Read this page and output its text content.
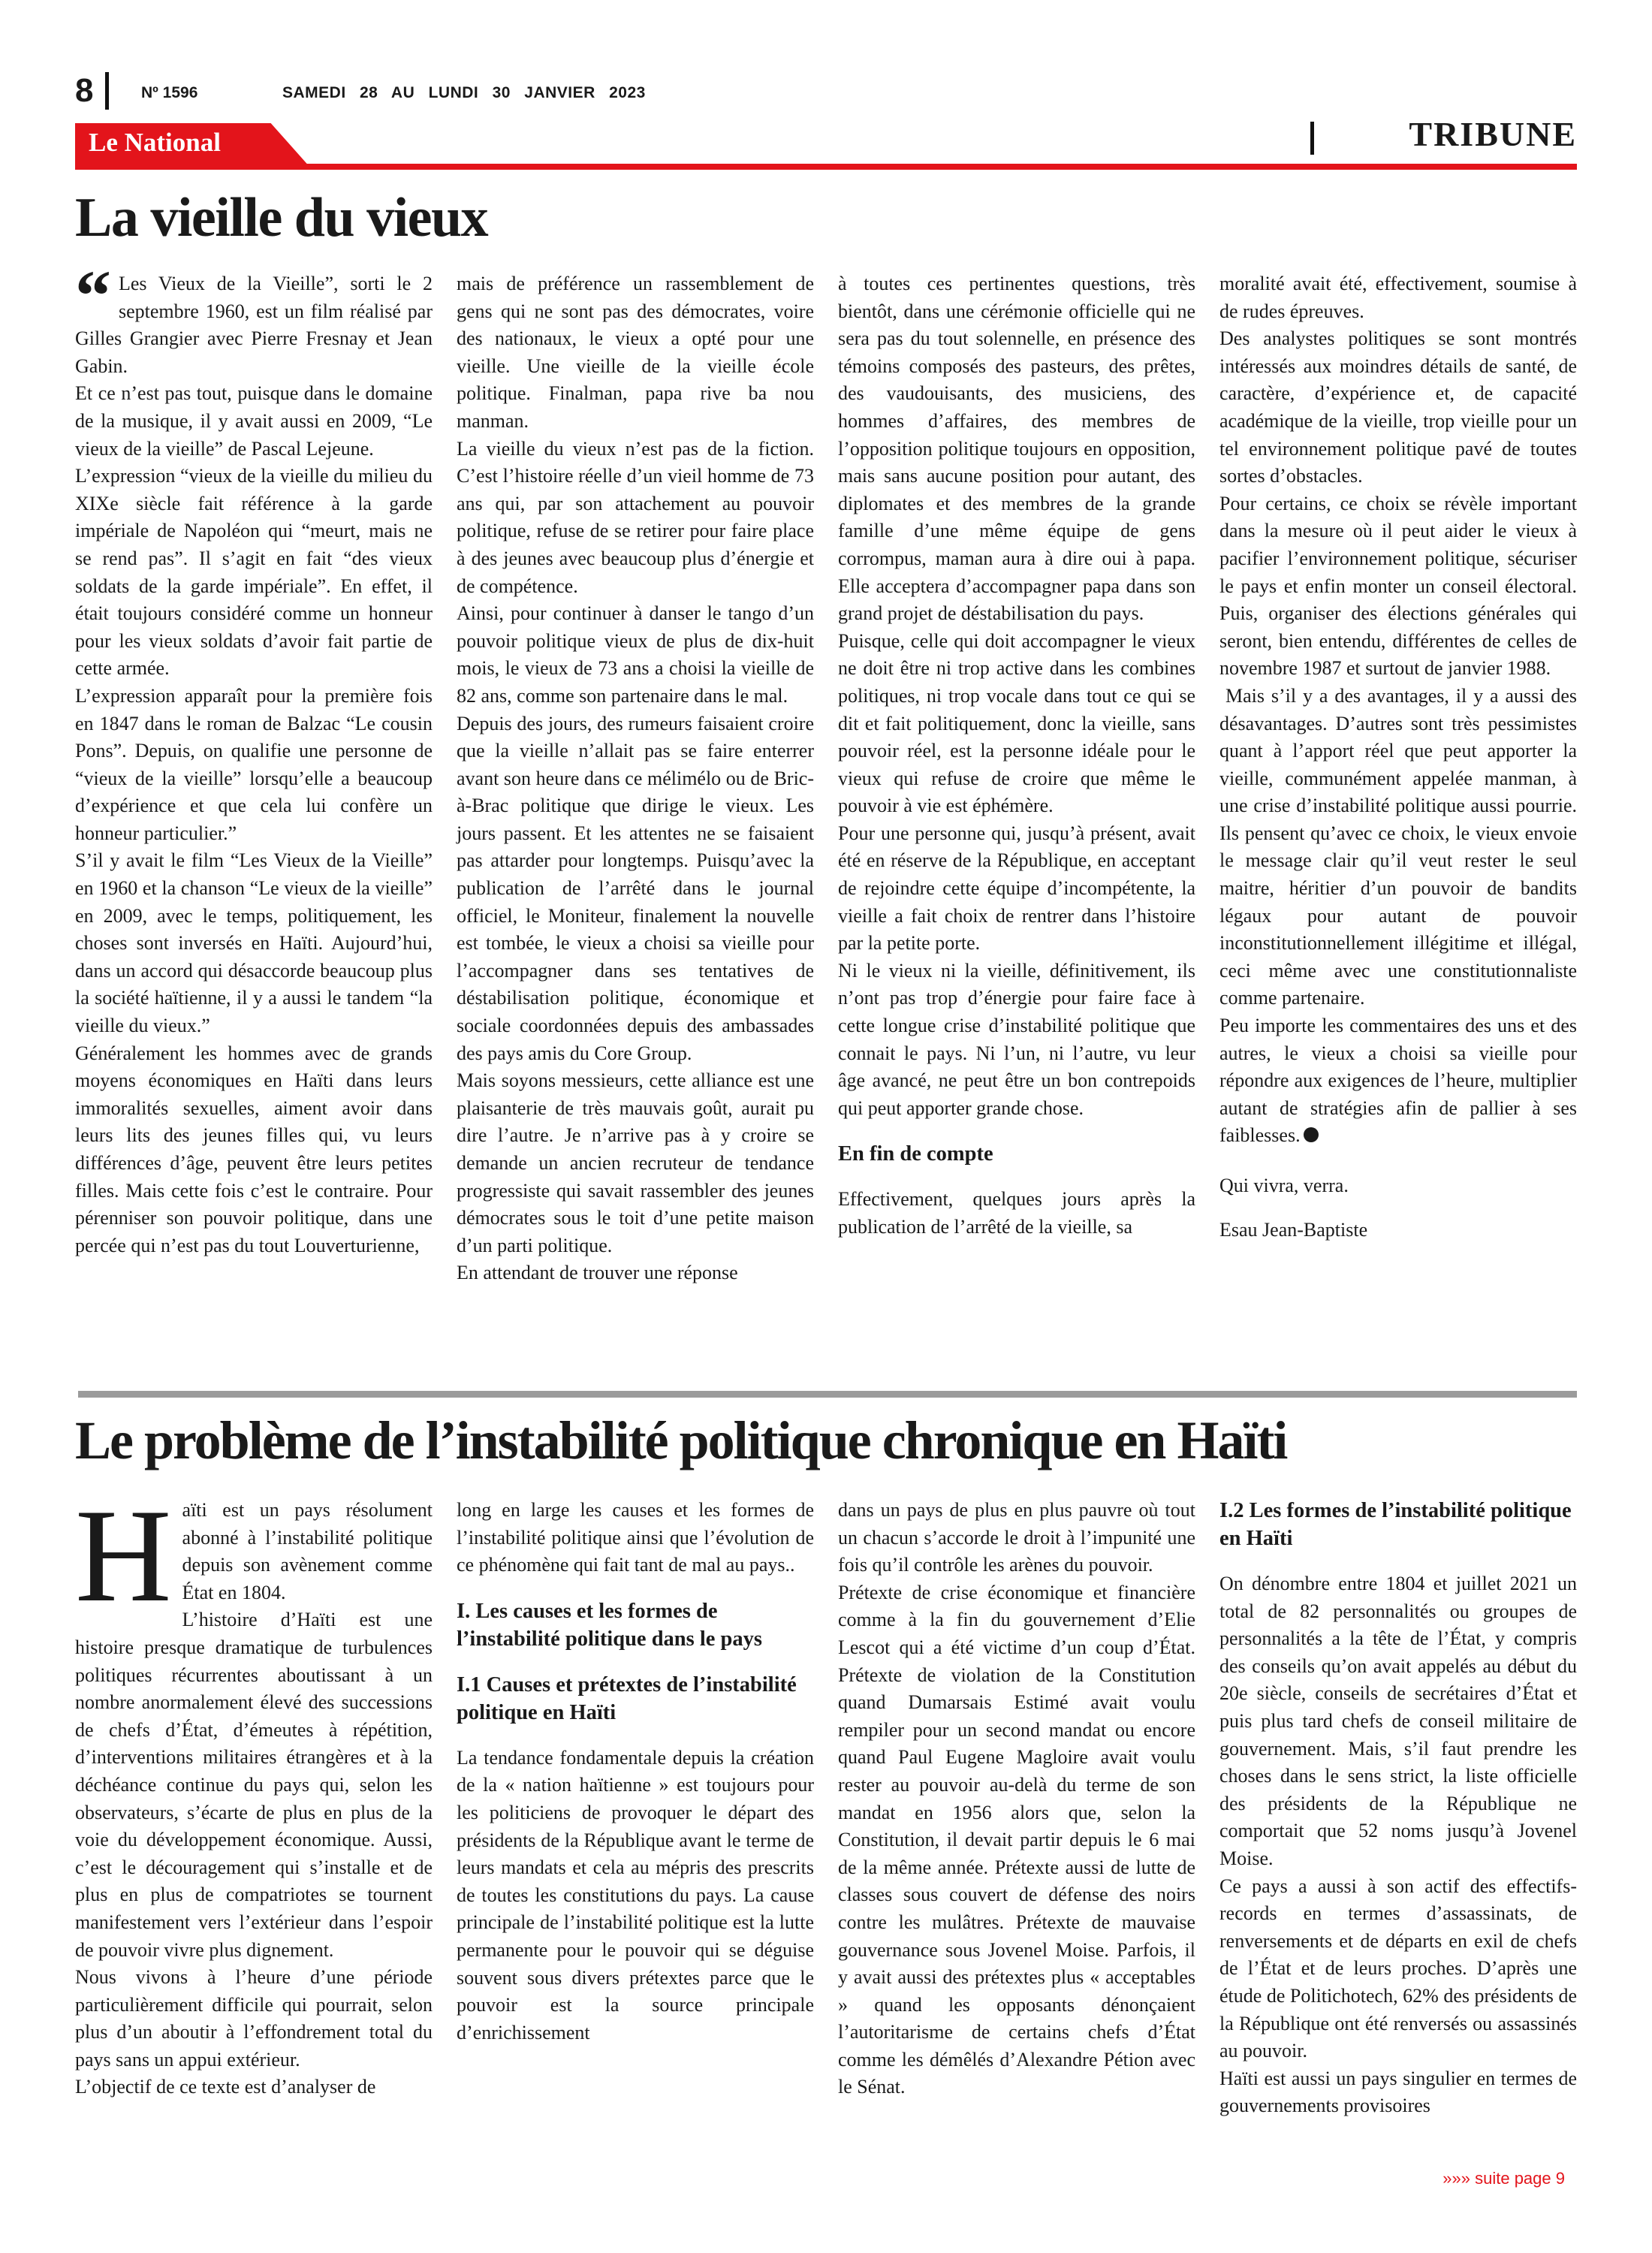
8	Nº 1596	SAMEDI 28 AU LUNDI 30 JANVIER 2023
Le National	TRIBUNE
La vieille du vieux
“ Les Vieux de la Vieille”, sorti le 2 septembre 1960, est un film réalisé par Gilles Grangier avec Pierre Fresnay et Jean Gabin.

Et ce n’est pas tout, puisque dans le domaine de la musique, il y avait aussi en 2009, “Le vieux de la vieille” de Pascal Lejeune.

L’expression “vieux de la vieille du milieu du XIXe siècle fait référence à la garde impériale de Napoléon qui “meurt, mais ne se rend pas”. Il s’agit en fait “des vieux soldats de la garde impériale”. En effet, il était toujours considéré comme un honneur pour les vieux soldats d’avoir fait partie de cette armée.

L’expression apparaît pour la première fois en 1847 dans le roman de Balzac “Le cousin Pons”. Depuis, on qualifie une personne de “vieux de la vieille” lorsqu’elle a beaucoup d’expérience et que cela lui confère un honneur particulier.”

S’il y avait le film “Les Vieux de la Vieille” en 1960 et la chanson “Le vieux de la vieille” en 2009, avec le temps, politiquement, les choses sont inversés en Haïti. Aujourd’hui, dans un accord qui désaccorde beaucoup plus la société haïtienne, il y a aussi le tandem “la vieille du vieux.”

Généralement les hommes avec de grands moyens économiques en Haïti dans leurs immoralités sexuelles, aiment avoir dans leurs lits des jeunes filles qui, vu leurs différences d’âge, peuvent être leurs petites filles. Mais cette fois c’est le contraire. Pour pérenniser son pouvoir politique, dans une percée qui n’est pas du tout Louverturienne,

mais de préférence un rassemblement de gens qui ne sont pas des démocrates, voire des nationaux, le vieux a opté pour une vieille. Une vieille de la vieille école politique. Finalman, papa rive ba nou manman.

La vieille du vieux n’est pas de la fiction. C’est l’histoire réelle d’un vieil homme de 73 ans qui, par son attachement au pouvoir politique, refuse de se retirer pour faire place à des jeunes avec beaucoup plus d’énergie et de compétence.

Ainsi, pour continuer à danser le tango d’un pouvoir politique vieux de plus de dix-huit mois, le vieux de 73 ans a choisi la vieille de 82 ans, comme son partenaire dans le mal.

Depuis des jours, des rumeurs faisaient croire que la vieille n’allait pas se faire enterrer avant son heure dans ce mélimélo ou de Bric-à-Brac politique que dirige le vieux. Les jours passent. Et les attentes ne se faisaient pas attarder pour longtemps. Puisqu’avec la publication de l’arrêté dans le journal officiel, le Moniteur, finalement la nouvelle est tombée, le vieux a choisi sa vieille pour l’accompagner dans ses tentatives de déstabilisation politique, économique et sociale coordonnées depuis des ambassades des pays amis du Core Group.

Mais soyons messieurs, cette alliance est une plaisanterie de très mauvais goût, aurait pu dire l’autre. Je n’arrive pas à y croire se demande un ancien recruteur de tendance progressiste qui savait rassembler des jeunes démocrates sous le toit d’une petite maison d’un parti politique.

En attendant de trouver une réponse

à toutes ces pertinentes questions, très bientôt, dans une cérémonie officielle qui ne sera pas du tout solennelle, en présence des témoins composés des pasteurs, des prêtes, des vaudouisants, des musiciens, des hommes d’affaires, des membres de l’opposition politique toujours en opposition, mais sans aucune position pour autant, des diplomates et des membres de la grande famille d’une même équipe de gens corrompus, maman aura à dire oui à papa. Elle acceptera d’accompagner papa dans son grand projet de déstabilisation du pays.

Puisque, celle qui doit accompagner le vieux ne doit être ni trop active dans les combines politiques, ni trop vocale dans tout ce qui se dit et fait politiquement, donc la vieille, sans pouvoir réel, est la personne idéale pour le vieux qui refuse de croire que même le pouvoir à vie est éphémère.

Pour une personne qui, jusqu’à présent, avait été en réserve de la République, en acceptant de rejoindre cette équipe d’incompétente, la vieille a fait choix de rentrer dans l’histoire par la petite porte.

Ni le vieux ni la vieille, définitivement, ils n’ont pas trop d’énergie pour faire face à cette longue crise d’instabilité politique que connait le pays. Ni l’un, ni l’autre, vu leur âge avancé, ne peut être un bon contrepoids qui peut apporter grande chose.

En fin de compte

Effectivement, quelques jours après la publication de l’arrêté de la vieille, sa

moralité avait été, effectivement, soumise à de rudes épreuves.

Des analystes politiques se sont montrés intéressés aux moindres détails de santé, de caractère, d’expérience et, de capacité académique de la vieille, trop vieille pour un tel environnement politique pavé de toutes sortes d’obstacles.

Pour certains, ce choix se révèle important dans la mesure où il peut aider le vieux à pacifier l’environnement politique, sécuriser le pays et enfin monter un conseil électoral. Puis, organiser des élections générales qui seront, bien entendu, différentes de celles de novembre 1987 et surtout de janvier 1988.

Mais s’il y a des avantages, il y a aussi des désavantages. D’autres sont très pessimistes quant à l’apport réel que peut apporter la vieille, communément appelée manman, à une crise d’instabilité politique aussi pourrie. Ils pensent qu’avec ce choix, le vieux envoie le message clair qu’il veut rester le seul maitre, héritier d’un pouvoir de bandits légaux pour autant de pouvoir inconstitutionnellement illégitime et illégal, ceci même avec une constitutionnaliste comme partenaire.

Peu importe les commentaires des uns et des autres, le vieux a choisi sa vieille pour répondre aux exigences de l’heure, multiplier autant de stratégies afin de pallier à ses faiblesses.

Qui vivra, verra.

Esau Jean-Baptiste

Le problème de l’instabilité politique chronique en Haïti
H aïti est un pays résolument abonné à l’instabilité politique depuis son avènement comme État en 1804.

L’histoire d’Haïti est une histoire presque dramatique de turbulences politiques récurrentes aboutissant à un nombre anormalement élevé des successions de chefs d’État, d’émeutes à répétition, d’interventions militaires étrangères et à la déchéance continue du pays qui, selon les observateurs, s’écarte de plus en plus de la voie du développement économique. Aussi, c’est le découragement qui s’installe et de plus en plus de compatriotes se tournent manifestement vers l’extérieur dans l’espoir de pouvoir vivre plus dignement.

Nous vivons à l’heure d’une période particulièrement difficile qui pourrait, selon plus d’un aboutir à l’effondrement total du pays sans un appui extérieur.

L’objectif de ce texte est d’analyser de

long en large les causes et les formes de l’instabilité politique ainsi que l’évolution de ce phénomène qui fait tant de mal au pays..

I. Les causes et les formes de l’instabilité politique dans le pays
I.1 Causes et prétextes de l’instabilité politique en Haïti

La tendance fondamentale depuis la création de la « nation haïtienne » est toujours pour les politiciens de provoquer le départ des présidents de la République avant le terme de leurs mandats et cela au mépris des prescrits de toutes les constitutions du pays. La cause principale de l’instabilité politique est la lutte permanente pour le pouvoir qui se déguise souvent sous divers prétextes parce que le pouvoir est la source principale d’enrichissement

dans un pays de plus en plus pauvre où tout un chacun s’accorde le droit à l’impunité une fois qu’il contrôle les arènes du pouvoir.

Prétexte de crise économique et financière comme à la fin du gouvernement d’Elie Lescot qui a été victime d’un coup d’État. Prétexte de violation de la Constitution quand Dumarsais Estimé avait voulu rempiler pour un second mandat ou encore quand Paul Eugene Magloire avait voulu rester au pouvoir au-delà du terme de son mandat en 1956 alors que, selon la Constitution, il devait partir depuis le 6 mai de la même année. Prétexte aussi de lutte de classes sous couvert de défense des noirs contre les mulâtres. Prétexte de mauvaise gouvernance sous Jovenel Moise. Parfois, il y avait aussi des prétextes plus « acceptables » quand les opposants dénonçaient l’autoritarisme de certains chefs d’État comme les démêlés d’Alexandre Pétion avec le Sénat.

I.2 Les formes de l’instabilité politique en Haïti

On dénombre entre 1804 et juillet 2021 un total de 82 personnalités ou groupes de personnalités a la tête de l’État, y compris des conseils qu’on avait appelés au début du 20e siècle, conseils de secrétaires d’État et puis plus tard chefs de conseil militaire de gouvernement. Mais, s’il faut prendre les choses dans le sens strict, la liste officielle des présidents de la République ne comportait que 52 noms jusqu’à Jovenel Moise.

Ce pays a aussi à son actif des effectifs-records en termes d’assassinats, de renversements et de départs en exil de chefs de l’État et de leurs proches. D’après une étude de Politichotech, 62% des présidents de la République ont été renversés ou assassinés au pouvoir.

Haïti est aussi un pays singulier en termes de gouvernements provisoires

»»» suite page 9
